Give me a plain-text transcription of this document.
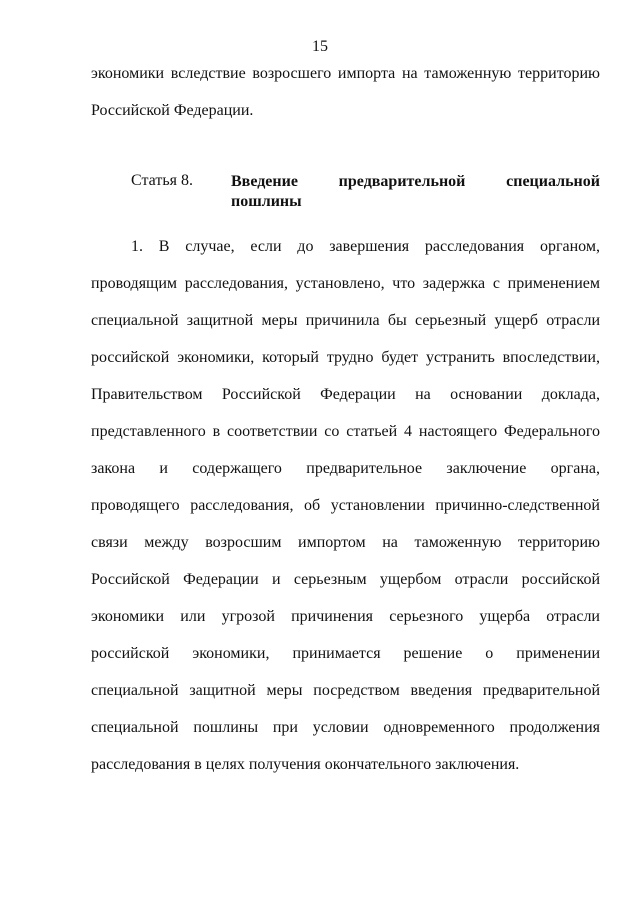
15
экономики вследствие возросшего импорта на таможенную территорию
Российской Федерации.
Статья 8. Введение предварительной специальной
пошлины
1. В случае, если до завершения расследования органом,
проводящим расследования, установлено, что задержка с применением
специальной защитной меры причинила бы серьезный ущерб отрасли
российской экономики, который трудно будет устранить впоследствии,
Правительством Российской Федерации на основании доклада,
представленного в соответствии со статьей 4 настоящего Федерального
закона и содержащего предварительное заключение органа,
проводящего расследования, об установлении причинно-следственной
связи между возросшим импортом на таможенную территорию
Российской Федерации и серьезным ущербом отрасли российской
экономики или угрозой причинения серьезного ущерба отрасли
российской экономики, принимается решение о применении
специальной защитной меры посредством введения предварительной
специальной пошлины при условии одновременного продолжения
расследования в целях получения окончательного заключения.
